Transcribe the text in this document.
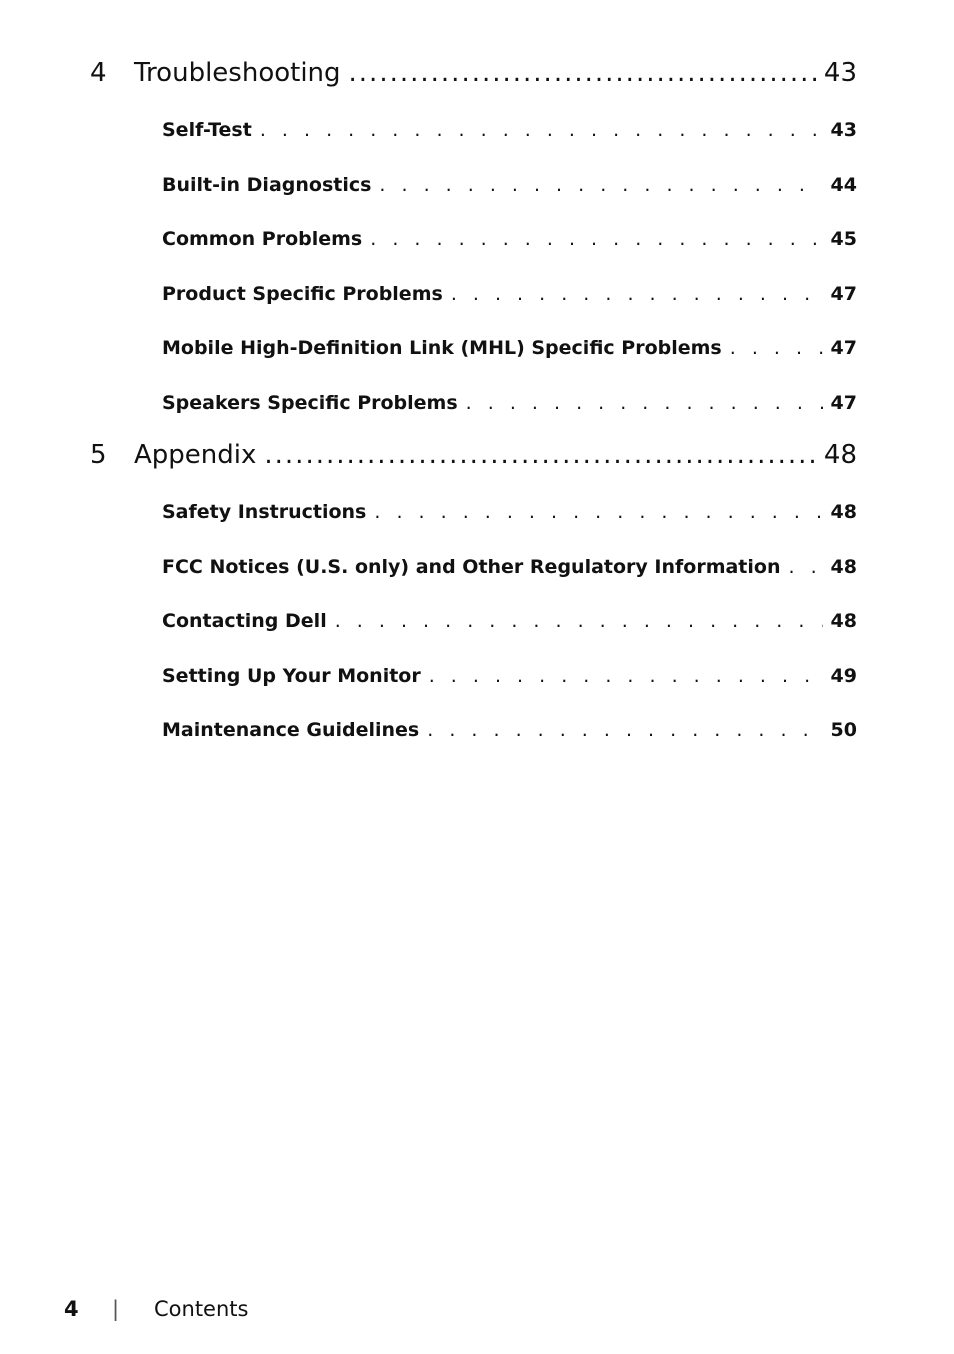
4	Troubleshooting .....	43
Self-Test . . .	43
Built-in Diagnostics . . .	44
Common Problems . . .	45
Product Specific Problems . . .	47
Mobile High-Definition Link (MHL) Specific Problems . . .	47
Speakers Specific Problems . . .	47
5	Appendix .....	48
Safety Instructions . . .	48
FCC Notices (U.S. only) and Other Regulatory Information . . .	48
Contacting Dell . . .	48
Setting Up Your Monitor . . .	49
Maintenance Guidelines . . .	50
4	|	Contents
